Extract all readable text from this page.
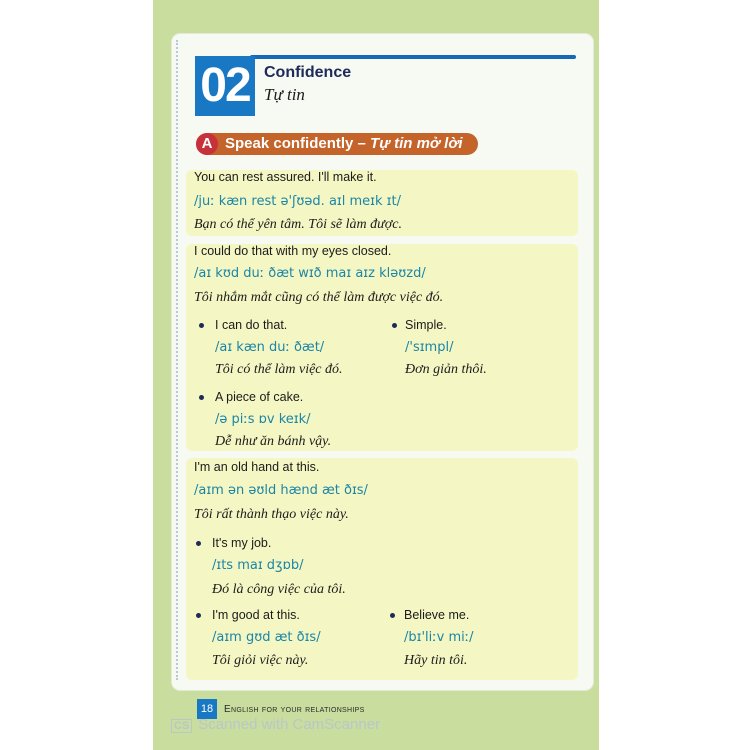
02 Confidence
Tự tin
A Speak confidently – Tự tin mở lời
You can rest assured. I'll make it.
/juː kæn rest ə'ʃʊəd. aɪl meɪk ɪt/
Bạn có thể yên tâm. Tôi sẽ làm được.
I could do that with my eyes closed.
/aɪ kʊd duː ðæt wɪð maɪ aɪz kləʊzd/
Tôi nhắm mắt cũng có thể làm được việc đó.
I can do that.
/aɪ kæn duː ðæt/
Tôi có thể làm việc đó.
Simple.
/'sɪmpl/
Đơn giản thôi.
A piece of cake.
/ə piːs ɒv keɪk/
Dễ như ăn bánh vậy.
I'm an old hand at this.
/aɪm ən əʊld hænd æt ðɪs/
Tôi rất thành thạo việc này.
It's my job.
/ɪts maɪ dʒɒb/
Đó là công việc của tôi.
I'm good at this.
/aɪm gʊd æt ðɪs/
Tôi giỏi việc này.
Believe me.
/bɪ'liːv miː/
Hãy tin tôi.
18	English for your relationships
CS Scanned with CamScanner
